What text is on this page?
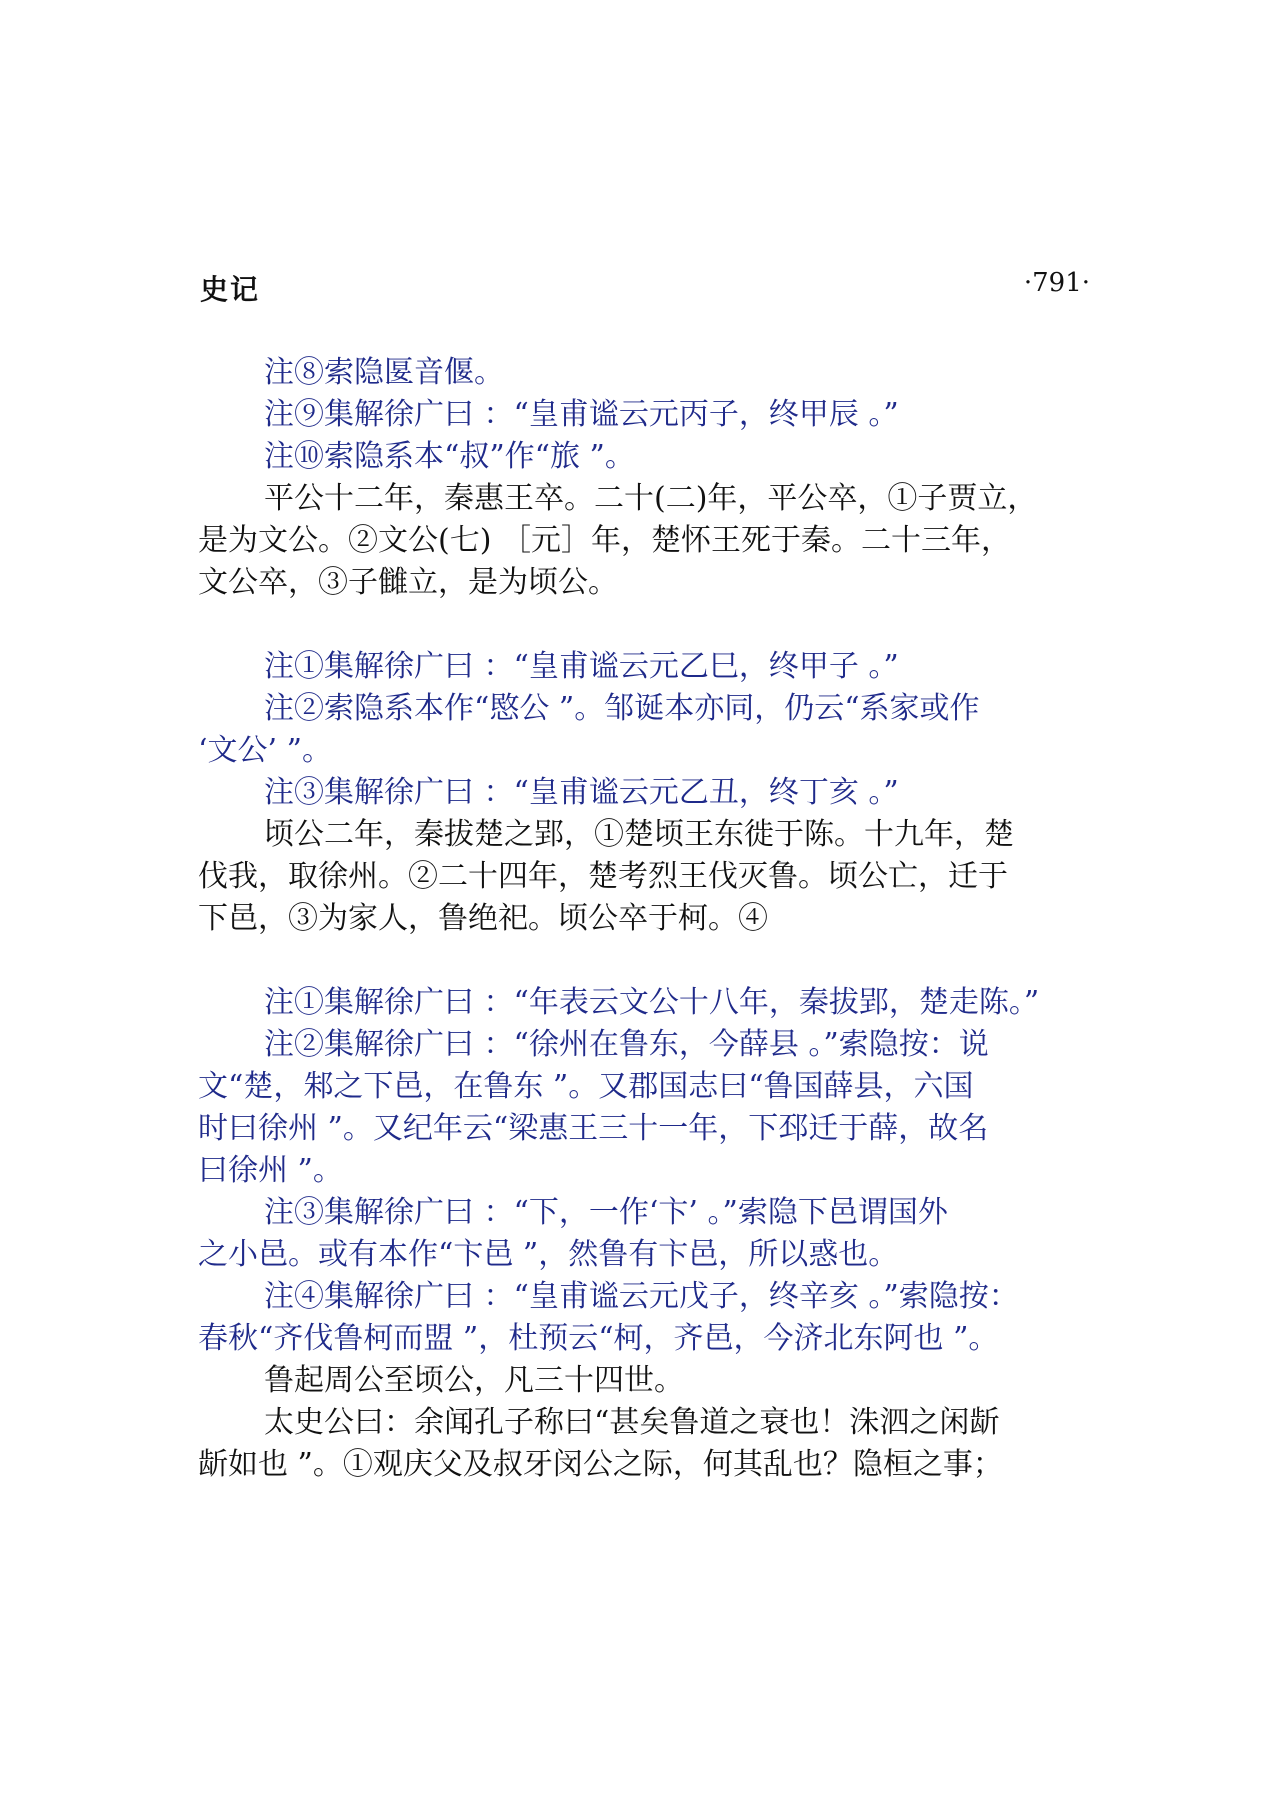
史记	·791·
注⑧索隐匽音偃。
注⑨集解徐广曰 ：“皇甫谧云元丙子，终甲辰 。”
注⑩索隐系本“叔”作“旅 ”。
平公十二年，秦惠王卒。二十(二)年，平公卒，①子贾立，
是为文公。②文公(七) ［元］年，楚怀王死于秦。二十三年，
文公卒，③子雠立，是为顷公。
注①集解徐广曰 ：“皇甫谧云元乙巳，终甲子 。”
注②索隐系本作“愍公 ”。邹诞本亦同，仍云“系家或作
‘文公’ ”。
注③集解徐广曰 ：“皇甫谧云元乙丑，终丁亥 。”
顷公二年，秦拔楚之郢，①楚顷王东徙于陈。十九年，楚
伐我，取徐州。②二十四年，楚考烈王伐灭鲁。顷公亡，迁于
下邑，③为家人，鲁绝祀。顷公卒于柯。④
注①集解徐广曰 ：“年表云文公十八年，秦拔郢，楚走陈。”
注②集解徐广曰 ：“徐州在鲁东，今薛县 。”索隐按：说
文“楚，邾之下邑，在鲁东 ”。又郡国志曰“鲁国薛县，六国
时曰徐州 ”。又纪年云“梁惠王三十一年，下邳迁于薛，故名
曰徐州 ”。
注③集解徐广曰 ：“下，一作‘卞’ 。”索隐下邑谓国外
之小邑。或有本作“卞邑 ”，然鲁有卞邑，所以惑也。
注④集解徐广曰 ：“皇甫谧云元戊子，终辛亥 。”索隐按：
春秋“齐伐鲁柯而盟 ”，杜预云“柯，齐邑，今济北东阿也 ”。
鲁起周公至顷公，凡三十四世。
太史公曰：余闻孔子称曰“甚矣鲁道之衰也！洙泗之闲龂
龂如也 ”。①观庆父及叔牙闵公之际，何其乱也？隐桓之事；
